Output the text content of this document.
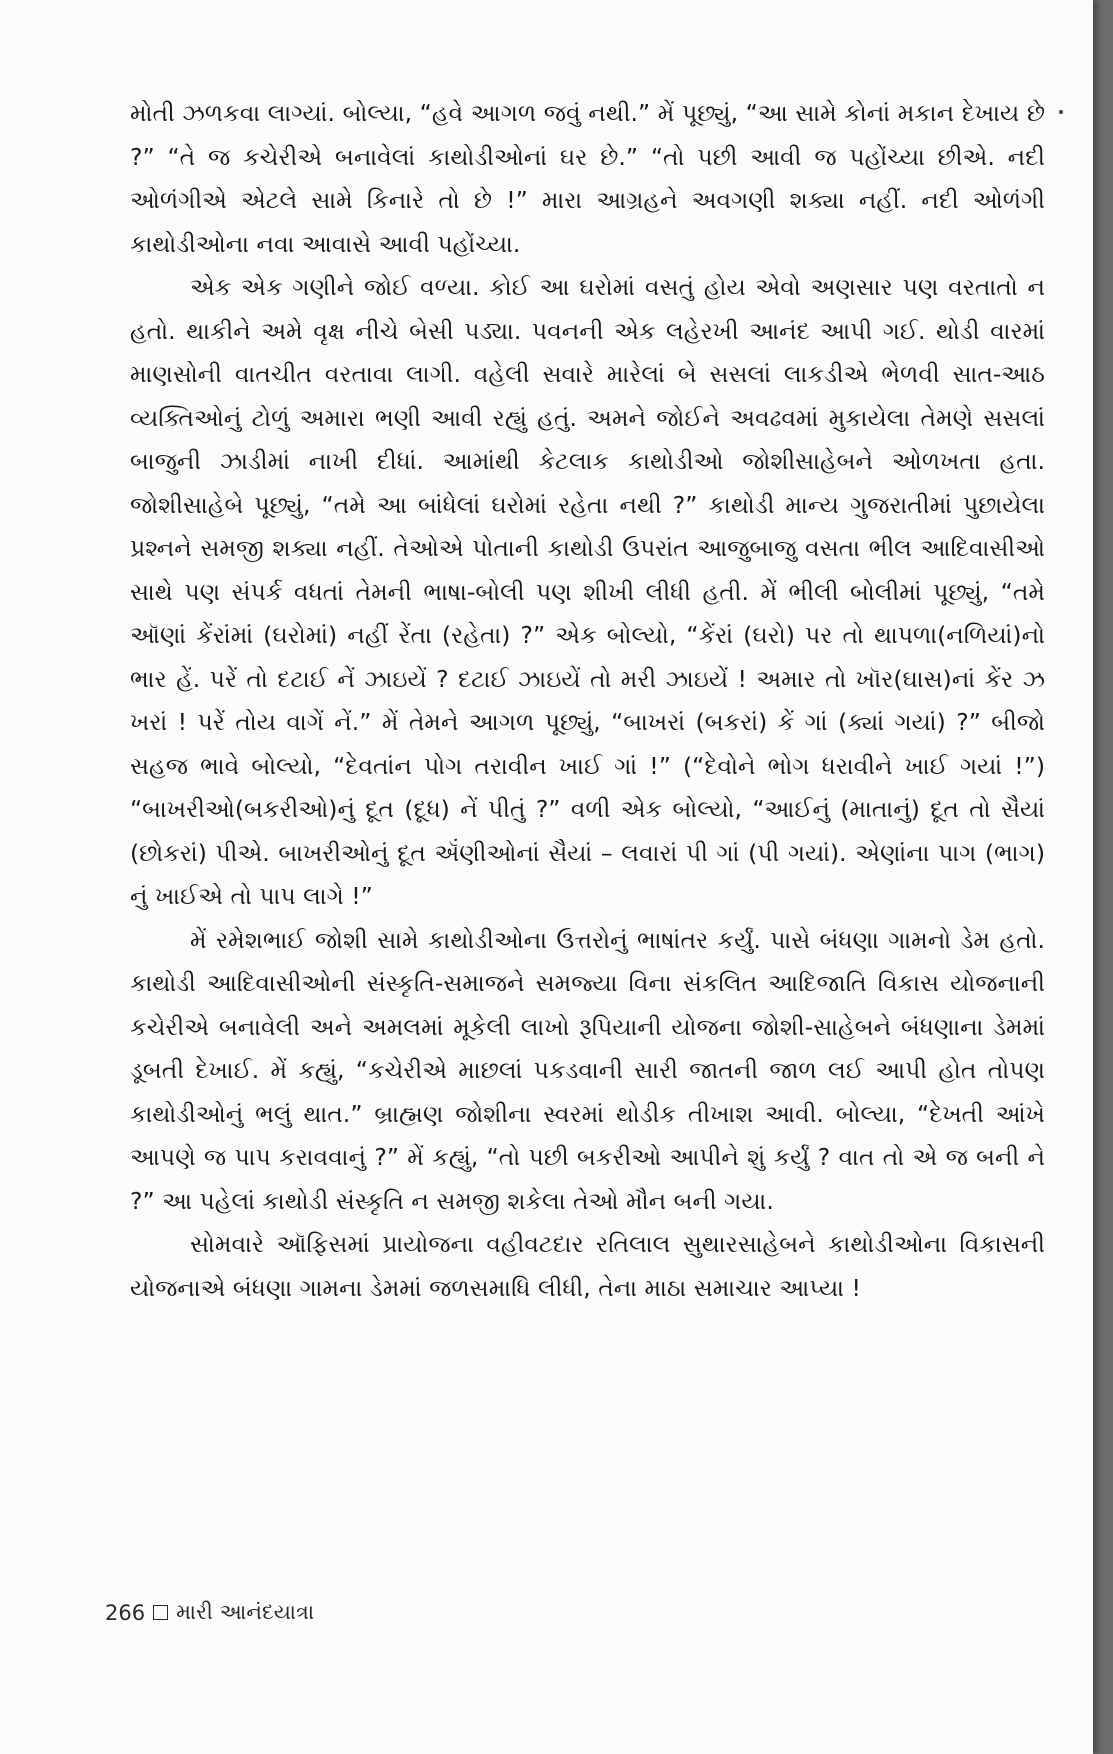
મોતી ઝળકવા લાગ્યાં. બોલ્યા, “હવે આગળ જવું નથી.” મેં પૂછ્યું, “આ સામે કોનાં મકાન દેખાય છે ?” “તે જ કચેરીએ બનાવેલાં કાથોડીઓનાં ઘર છે.” “તો પછી આવી જ પહોંચ્યા છીએ. નદી ઓળંગીએ એટલે સામે કિનારે તો છે !” મારા આગ્રહને અવગણી શક્યા નહીં. નદી ઓળંગી કાથોડીઓના નવા આવાસે આવી પહોંચ્યા.

એક એક ગણીને જોઈ વળ્યા. કોઈ આ ઘરોમાં વસતું હોય એવો અણસાર પણ વરતાતો ન હતો. થાકીને અમે વૃક્ષ નીચે બેસી પડ્યા. પવનની એક લહેરખી આનંદ આપી ગઈ. થોડી વારમાં માણસોની વાતચીત વરતાવા લાગી. વહેલી સવારે મારેલાં બે સસલાં લાકડીએ ભેળવી સાત-આઠ વ્યક્તિઓનું ટોળું અમારા ભણી આવી રહ્યું હતું. અમને જોઈને અવઢવમાં મુકાયેલા તેમણે સસલાં બાજુની ઝાડીમાં નાખી દીધાં. આમાંથી કેટલાક કાથોડીઓ જોશીસાહેબને ઓળખતા હતા. જોશીસાહેબે પૂછ્યું, “તમે આ બાંધેલાં ઘરોમાં રહેતા નથી ?” કાથોડી માન્ય ગુજરાતીમાં પુછાયેલા પ્રશ્નને સમજી શક્યા નહીં. તેઓએ પોતાની કાથોડી ઉપરાંત આજુબાજુ વસતા ભીલ આદિવાસીઓ સાથે પણ સંપર્ક વધતાં તેમની ભાષા-બોલી પણ શીખી લીધી હતી. મેં ભીલી બોલીમાં પૂછ્યું, “તમે ઑણાં કેંરાંમાં (ઘરોમાં) નહીં રેંતા (રહેતા) ?” એક બોલ્યો, “કેંરાં (ઘરો) પર તો થાપળા(નળિયાં)નો ભાર હેં. પરેં તો દટાઈ નેં ઝાઇયેં ? દટાઈ ઝાઇયેં તો મરી ઝાઇયેં ! અમાર તો ખૉર(ઘાસ)નાં કેંર ઝ ખરાં ! પરેં તોય વાગેં નેં.” મેં તેમને આગળ પૂછ્યું, “બાખરાં (બકરાં) કેં ગાં (ક્યાં ગયાં) ?” બીજો સહજ ભાવે બોલ્યો, “દેવતાંન પોગ તરાવીન ખાઈ ગાં !” (“દેવોને ભોગ ધરાવીને ખાઈ ગયાં !”) “બાખરીઓ(બકરીઓ)નું દૂત (દૂધ) નેં પીતું ?” વળી એક બોલ્યો, “આઈનું (માતાનું) દૂત તો સૈયાં (છોકરાં) પીએ. બાખરીઓનું દૂત ઍંણીઓનાં સૈયાં – લવારાં પી ગાં (પી ગયાં). એણાંના પાગ (ભાગ) નું ખાઈએ તો પાપ લાગે !”

મેં રમેશભાઈ જોશી સામે કાથોડીઓના ઉત્તરોનું ભાષાંતર કર્યું. પાસે બંધણા ગામનો ડેમ હતો. કાથોડી આદિવાસીઓની સંસ્કૃતિ-સમાજને સમજ્યા વિના સંકલિત આદિજાતિ વિકાસ યોજનાની કચેરીએ બનાવેલી અને અમલમાં મૂકેલી લાખો રૂપિયાની યોજના જોશી-સાહેબને બંધણાના ડેમમાં ડૂબતી દેખાઈ. મેં કહ્યું, “કચેરીએ માછલાં પકડવાની સારી જાતની જાળ લઈ આપી હોત તોપણ કાથોડીઓનું ભલું થાત.” બ્રાહ્મણ જોશીના સ્વરમાં થોડીક તીખાશ આવી. બોલ્યા, “દેખતી આંખે આપણે જ પાપ કરાવવાનું ?” મેં કહ્યું, “તો પછી બકરીઓ આપીને શું કર્યું ? વાત તો એ જ બની ને ?” આ પહેલાં કાથોડી સંસ્કૃતિ ન સમજી શકેલા તેઓ મૌન બની ગયા.

સોમવારે ઑફિસમાં પ્રાયોજના વહીવટદાર રતિલાલ સુથારસાહેબને કાથોડીઓના વિકાસની યોજનાએ બંધણા ગામના ડેમમાં જળસમાધિ લીધી, તેના માઠા સમાચાર આપ્યા !

266 મારી આનંદયાત્રા
